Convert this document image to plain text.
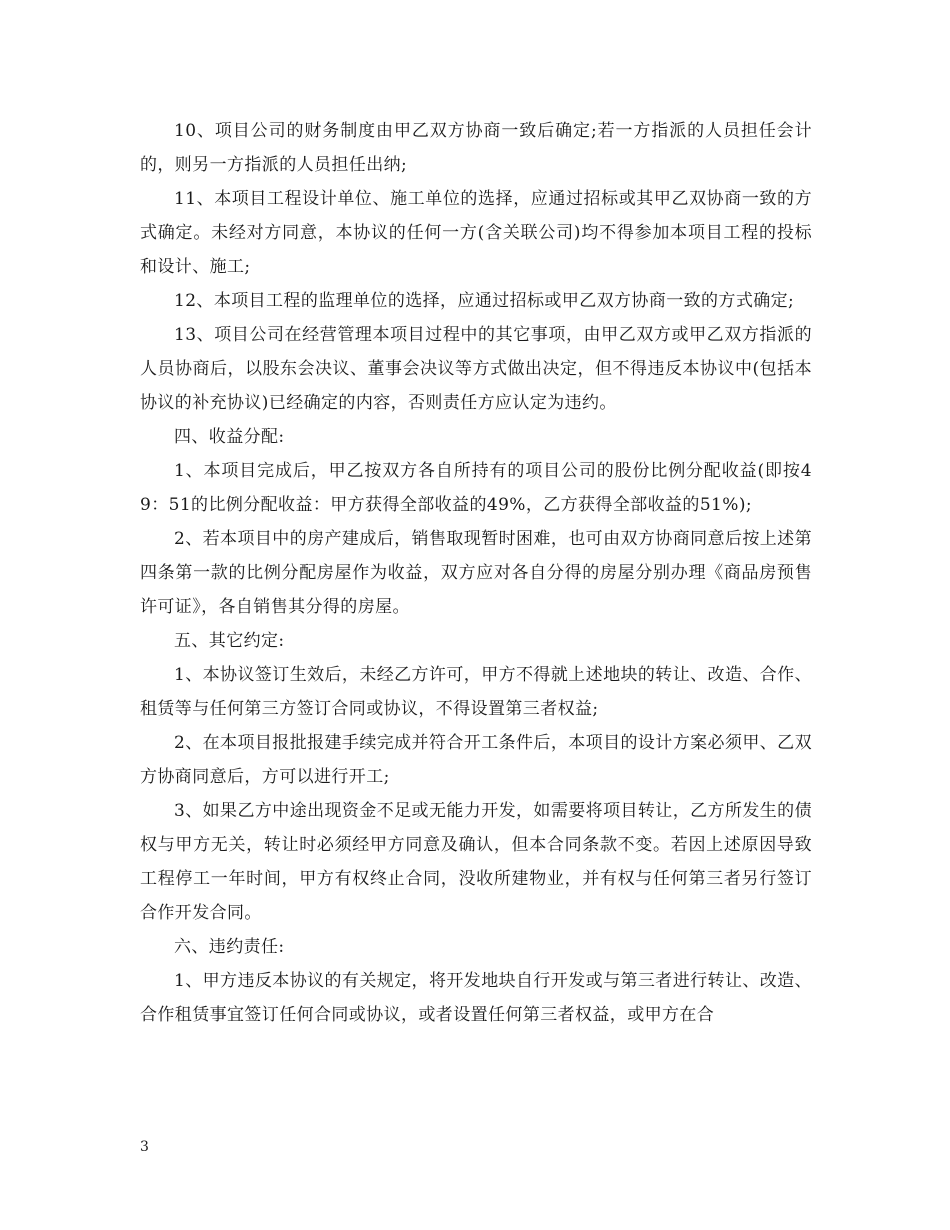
10、项目公司的财务制度由甲乙双方协商一致后确定;若一方指派的人员担任会计的，则另一方指派的人员担任出纳;

11、本项目工程设计单位、施工单位的选择，应通过招标或其甲乙双协商一致的方式确定。未经对方同意，本协议的任何一方(含关联公司)均不得参加本项目工程的投标和设计、施工;

12、本项目工程的监理单位的选择，应通过招标或甲乙双方协商一致的方式确定;

13、项目公司在经营管理本项目过程中的其它事项，由甲乙双方或甲乙双方指派的人员协商后，以股东会决议、董事会决议等方式做出决定，但不得违反本协议中(包括本协议的补充协议)已经确定的内容，否则责任方应认定为违约。

四、收益分配:

1、本项目完成后，甲乙按双方各自所持有的项目公司的股份比例分配收益(即按49：51的比例分配收益：甲方获得全部收益的49%，乙方获得全部收益的51%);

2、若本项目中的房产建成后，销售取现暂时困难，也可由双方协商同意后按上述第四条第一款的比例分配房屋作为收益，双方应对各自分得的房屋分别办理《商品房预售许可证》，各自销售其分得的房屋。

五、其它约定:

1、本协议签订生效后，未经乙方许可，甲方不得就上述地块的转让、改造、合作、租赁等与任何第三方签订合同或协议，不得设置第三者权益;

2、在本项目报批报建手续完成并符合开工条件后，本项目的设计方案必须甲、乙双方协商同意后，方可以进行开工;

3、如果乙方中途出现资金不足或无能力开发，如需要将项目转让，乙方所发生的债权与甲方无关，转让时必须经甲方同意及确认，但本合同条款不变。若因上述原因导致工程停工一年时间，甲方有权终止合同，没收所建物业，并有权与任何第三者另行签订合作开发合同。

六、违约责任:

1、甲方违反本协议的有关规定，将开发地块自行开发或与第三者进行转让、改造、合作租赁事宜签订任何合同或协议，或者设置任何第三者权益，或甲方在合

3
